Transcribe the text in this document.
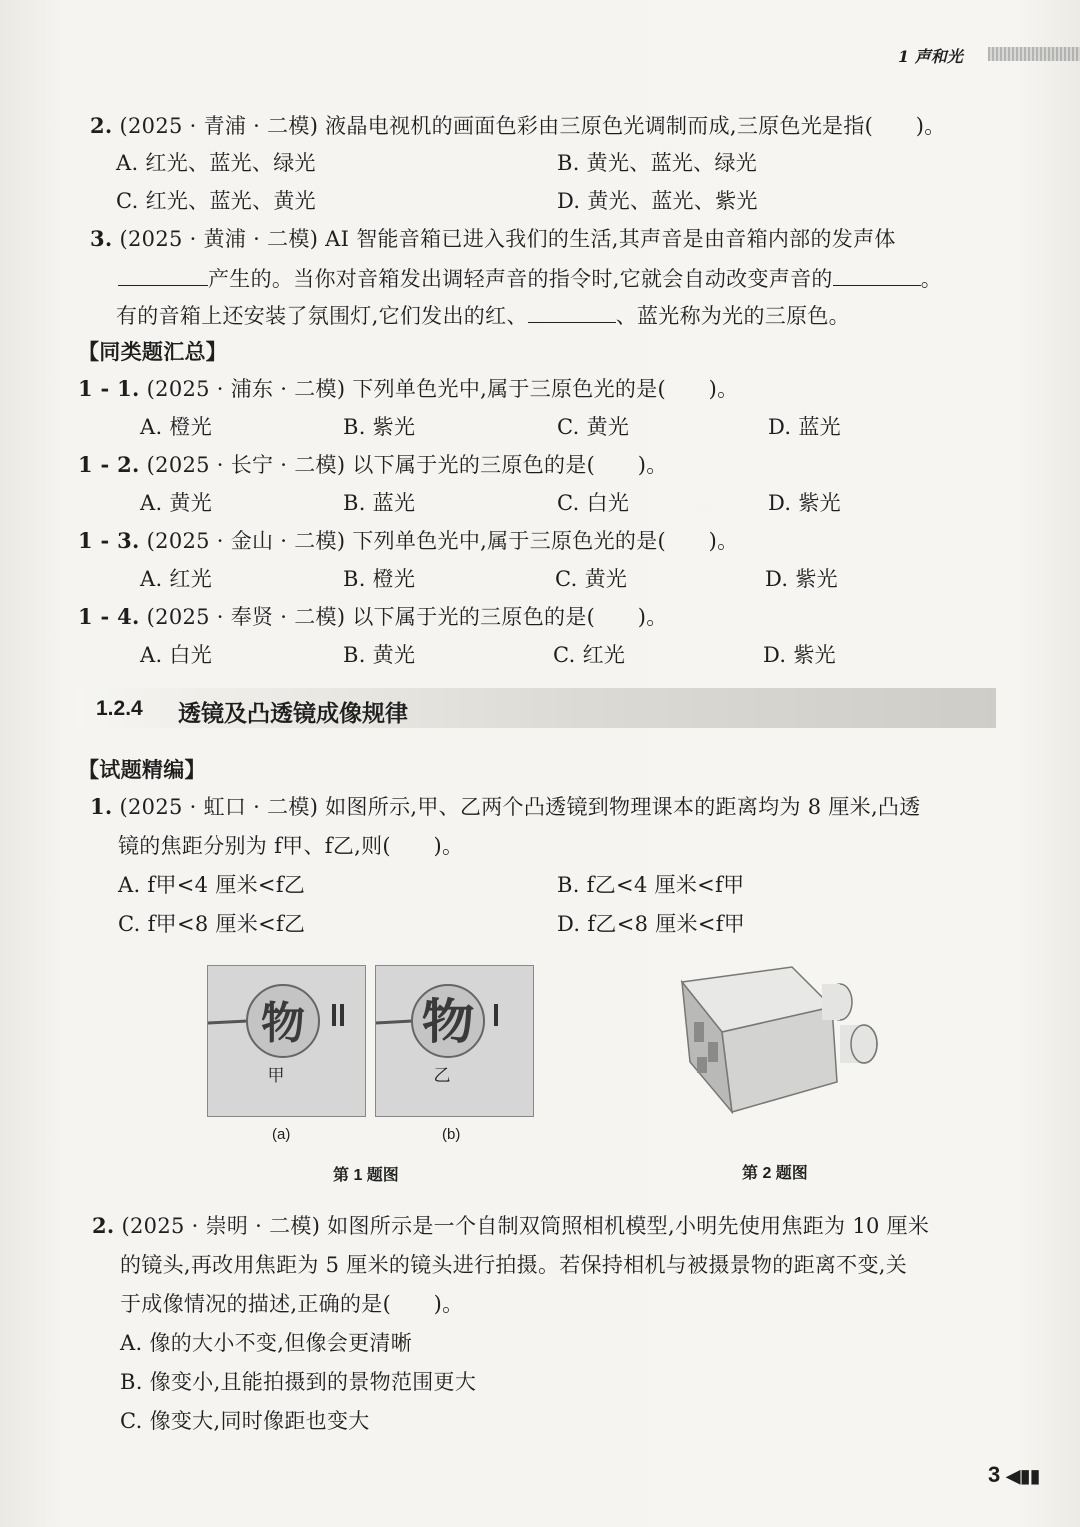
1 声和光
2. (2025 · 青浦 · 二模) 液晶电视机的画面色彩由三原色光调制而成,三原色光是指(　　)。
A. 红光、蓝光、绿光	B. 黄光、蓝光、绿光
C. 红光、蓝光、黄光	D. 黄光、蓝光、紫光
3. (2025 · 黄浦 · 二模) AI 智能音箱已进入我们的生活,其声音是由音箱内部的发声体
产生的。当你对音箱发出调轻声音的指令时,它就会自动改变声音的	。
有的音箱上还安装了氛围灯,它们发出的红、	、蓝光称为光的三原色。
【同类题汇总】
1 - 1. (2025 · 浦东 · 二模) 下列单色光中,属于三原色光的是(　　)。
A. 橙光	B. 紫光	C. 黄光	D. 蓝光
1 - 2. (2025 · 长宁 · 二模) 以下属于光的三原色的是(　　)。
A. 黄光	B. 蓝光	C. 白光	D. 紫光
1 - 3. (2025 · 金山 · 二模) 下列单色光中,属于三原色光的是(　　)。
A. 红光	B. 橙光	C. 黄光	D. 紫光
1 - 4. (2025 · 奉贤 · 二模) 以下属于光的三原色的是(　　)。
A. 白光	B. 黄光	C. 红光	D. 紫光
1.2.4 透镜及凸透镜成像规律
【试题精编】
1. (2025 · 虹口 · 二模) 如图所示,甲、乙两个凸透镜到物理课本的距离均为 8 厘米,凸透
镜的焦距分别为 f甲、f乙,则(　　)。
A. f甲<4 厘米<f乙	B. f乙<4 厘米<f甲
C. f甲<8 厘米<f乙	D. f乙<8 厘米<f甲
物
甲
物
乙
(a)	(b)
第 1 题图	第 2 题图
2. (2025 · 崇明 · 二模) 如图所示是一个自制双筒照相机模型,小明先使用焦距为 10 厘米
的镜头,再改用焦距为 5 厘米的镜头进行拍摄。若保持相机与被摄景物的距离不变,关
于成像情况的描述,正确的是(　　)。
A. 像的大小不变,但像会更清晰
B. 像变小,且能拍摄到的景物范围更大
C. 像变大,同时像距也变大
3 ◀▮▮
